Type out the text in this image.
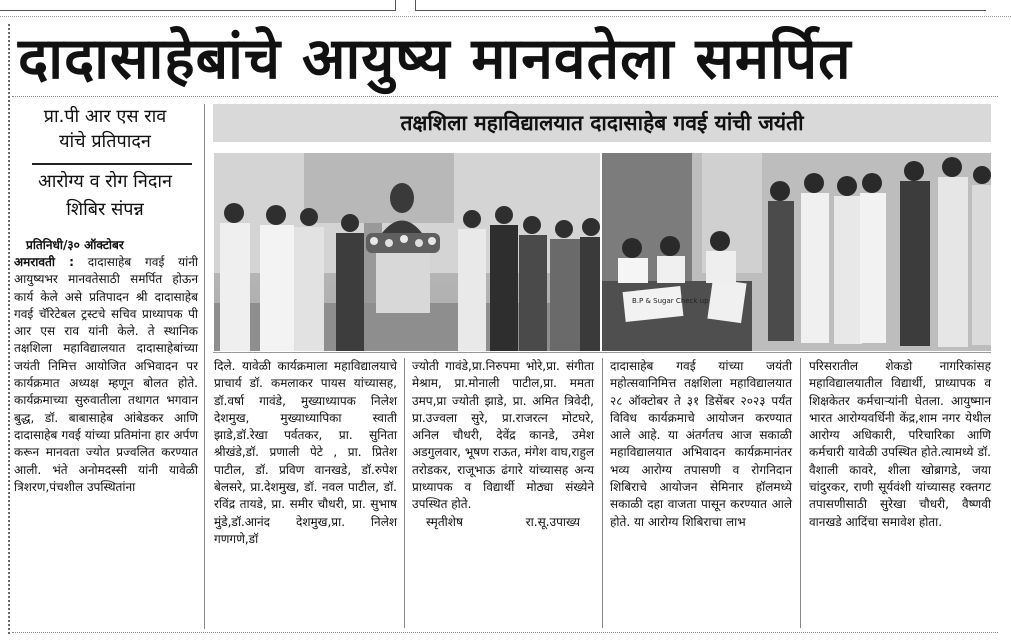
दादासाहेबांचे आयुष्य मानवतेला समर्पित
प्रा.पी आर एस राव
यांचे प्रतिपादन
आरोग्य व रोग निदान
शिबिर संपन्न
प्रतिनिधी/३० ऑक्टोबर

अमरावती : दादासाहेब गवई यांनी आयुष्यभर मानवतेसाठी समर्पित होऊन कार्य केले असे प्रतिपादन श्री दादासाहेब गवई चॅरिटेबल ट्रस्टचे सचिव प्राध्यापक पी आर एस राव यांनी केले. ते स्थानिक तक्षशिला महाविद्यालयात दादासाहेबांच्या जयंती निमित्त आयोजित अभिवादन पर कार्यक्रमात अध्यक्ष म्हणून बोलत होते. कार्यक्रमाच्या सुरुवातीला तथागत भगवान बुद्ध, डॉ. बाबासाहेब आंबेडकर आणि दादासाहेब गवई यांच्या प्रतिमांना हार अर्पण करून मानवता ज्योत प्रज्वलित करण्यात आली. भंते अनोमदस्सी यांनी यावेळी त्रिशरण,पंचशील उपस्थितांना

तक्षशिला महाविद्यालयात दादासाहेब गवई यांची जयंती
B.P & Sugar Check up

दिले. यावेळी कार्यक्रमाला महाविद्यालयाचे प्राचार्य डॉ. कमलाकर पायस यांच्यासह, डॉ.वर्षा गावंडे, मुख्याध्यापक निलेश देशमुख, मुख्याध्यापिका स्वाती झाडे,डॉ.रेखा पर्वतकर, प्रा. सुनिता श्रीखंडे,डॉ. प्रणाली पेटे , प्रा. प्रितेश पाटील, डॉ. प्रविण वानखडे, डॉ.रुपेश बेलसरे, प्रा.देशमुख, डॉ. नवल पाटील, डॉ. रविंद्र तायडे, प्रा. समीर चौधरी, प्रा. सुभाष मुंडे,डॉ.आनंद देशमुख,प्रा. निलेश गणगणे,डॉ

ज्योती गावंडे,प्रा.निरुपमा भोरे,प्रा. संगीता मेश्राम, प्रा.मोनाली पाटील,प्रा. ममता उमप,प्रा ज्योती झाडे, प्रा. अमित त्रिवेदी, प्रा.उज्वला सुरे, प्रा.राजरत्न मोटघरे, अनिल चौधरी, देवेंद्र कानडे, उमेश अडगुलवार, भूषण राऊत, मंगेश वाघ,राहुल तरोडकर, राजूभाऊ ढंगारे यांच्यासह अन्य प्राध्यापक व विद्यार्थी मोठ्या संख्येने उपस्थित होते.

स्मृतीशेष	रा.सू.उपाख्य

दादासाहेब गवई यांच्या जयंती महोत्सवानिमित्त तक्षशिला महाविद्यालयात २८ ऑक्टोबर ते ३१ डिसेंबर २०२३ पर्यंत विविध कार्यक्रमाचे आयोजन करण्यात आले आहे. या अंतर्गतच आज सकाळी महाविद्यालयात अभिवादन कार्यक्रमानंतर भव्य आरोग्य तपासणी व रोगनिदान शिबिराचे आयोजन सेमिनार हॉलमध्ये सकाळी दहा वाजता पासून करण्यात आले होते. या आरोग्य शिबिराचा लाभ

परिसरातील शेकडो नागरिकांसह महाविद्यालयातील विद्यार्थी, प्राध्यापक व शिक्षकेतर कर्मचाऱ्यांनी घेतला. आयुष्मान भारत आरोग्यवर्धिनी केंद्र,शाम नगर येथील आरोग्य अधिकारी, परिचारिका आणि कर्मचारी यावेळी उपस्थित होते.त्यामध्ये डॉ. वैशाली कावरे, शीला खोब्रागडे, जया चांदुरकर, राणी सूर्यवंशी यांच्यासह रक्तगट तपासणीसाठी सुरेखा चौधरी, वैष्णवी वानखडे आदिंचा समावेश होता.
